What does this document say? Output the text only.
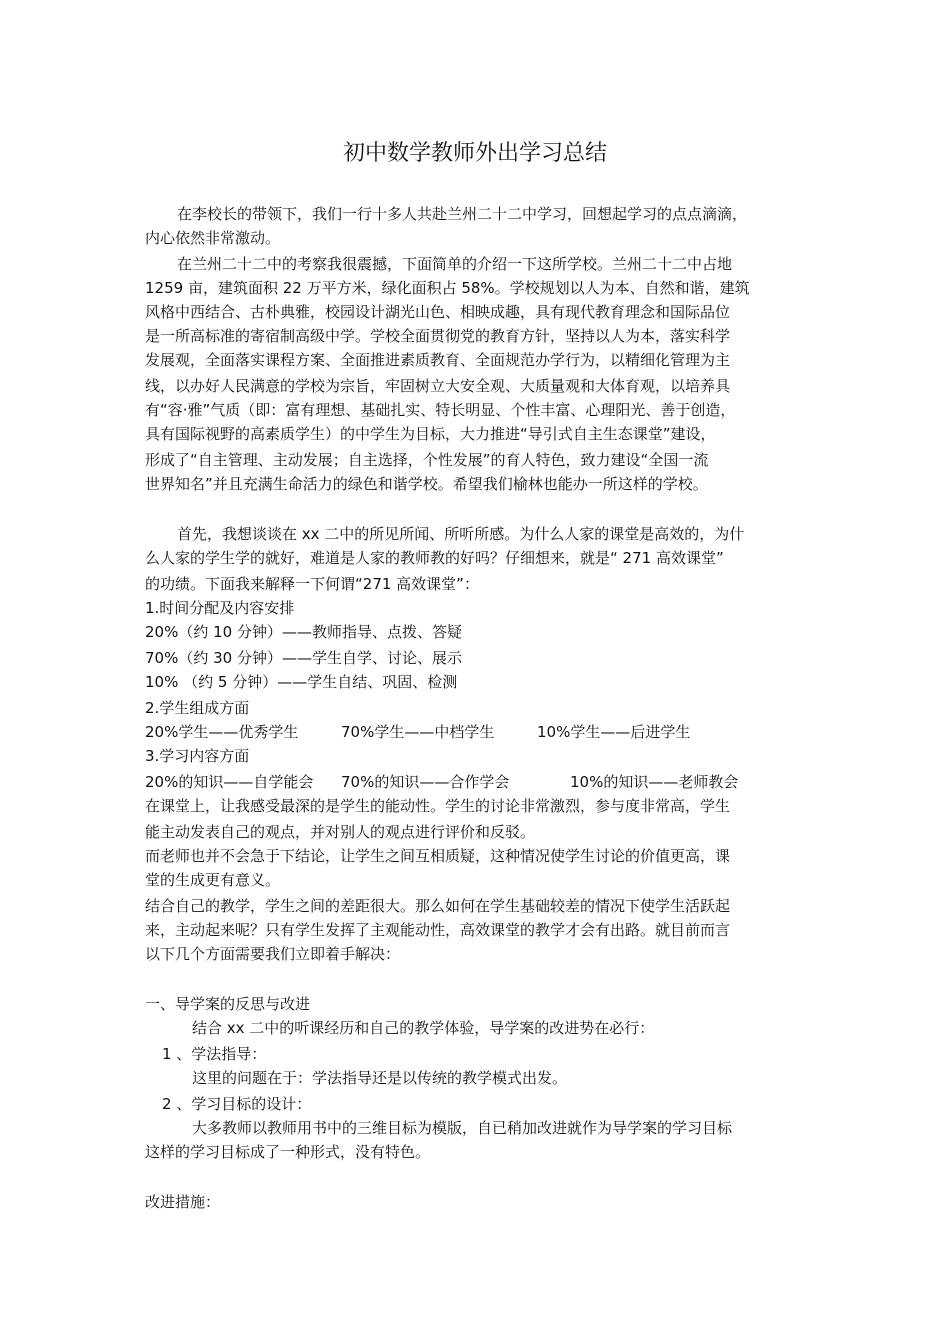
初中数学教师外出学习总结
在李校长的带领下，我们一行十多人共赴兰州二十二中学习，回想起学习的点点滴滴，
内心依然非常激动。
在兰州二十二中的考察我很震撼，下面简单的介绍一下这所学校。兰州二十二中占地
1259 亩，建筑面积 22 万平方米，绿化面积占 58%。学校规划以人为本、自然和谐，建筑
风格中西结合、古朴典雅，校园设计湖光山色、相映成趣，具有现代教育理念和国际品位
是一所高标准的寄宿制高级中学。学校全面贯彻党的教育方针，坚持以人为本，落实科学
发展观，全面落实课程方案、全面推进素质教育、全面规范办学行为，以精细化管理为主
线，以办好人民满意的学校为宗旨，牢固树立大安全观、大质量观和大体育观，以培养具
有“容·雅”气质（即：富有理想、基础扎实、特长明显、个性丰富、心理阳光、善于创造，
具有国际视野的高素质学生）的中学生为目标，大力推进“导引式自主生态课堂”建设，
形成了“自主管理、主动发展；自主选择，个性发展”的育人特色，致力建设“全国一流
世界知名”并且充满生命活力的绿色和谐学校。希望我们榆林也能办一所这样的学校。
首先，我想谈谈在 xx 二中的所见所闻、所听所感。为什么人家的课堂是高效的，为什
么人家的学生学的就好，难道是人家的教师教的好吗？仔细想来，就是“ 271 高效课堂”
的功绩。下面我来解释一下何谓“271 高效课堂”：
1.时间分配及内容安排
20%（约 10 分钟）——教师指导、点拨、答疑
70%（约 30 分钟）——学生自学、讨论、展示
10% （约 5 分钟）——学生自结、巩固、检测
2.学生组成方面
20%学生——优秀学生	70%学生——中档学生	10%学生——后进学生
3.学习内容方面
20%的知识——自学能会 70%的知识——合作学会	10%的知识——老师教会
在课堂上，让我感受最深的是学生的能动性。学生的讨论非常激烈，参与度非常高，学生
能主动发表自己的观点，并对别人的观点进行评价和反驳。
而老师也并不会急于下结论，让学生之间互相质疑，这种情况使学生讨论的价值更高，课
堂的生成更有意义。
结合自己的教学，学生之间的差距很大。那么如何在学生基础较差的情况下使学生活跃起
来，主动起来呢？只有学生发挥了主观能动性，高效课堂的教学才会有出路。就目前而言
以下几个方面需要我们立即着手解决：
一、导学案的反思与改进
结合 xx 二中的听课经历和自己的教学体验，导学案的改进势在必行：
1 、学法指导：
这里的问题在于：学法指导还是以传统的教学模式出发。
2 、学习目标的设计：
大多教师以教师用书中的三维目标为模版，自已稍加改进就作为导学案的学习目标
这样的学习目标成了一种形式，没有特色。
改进措施：
